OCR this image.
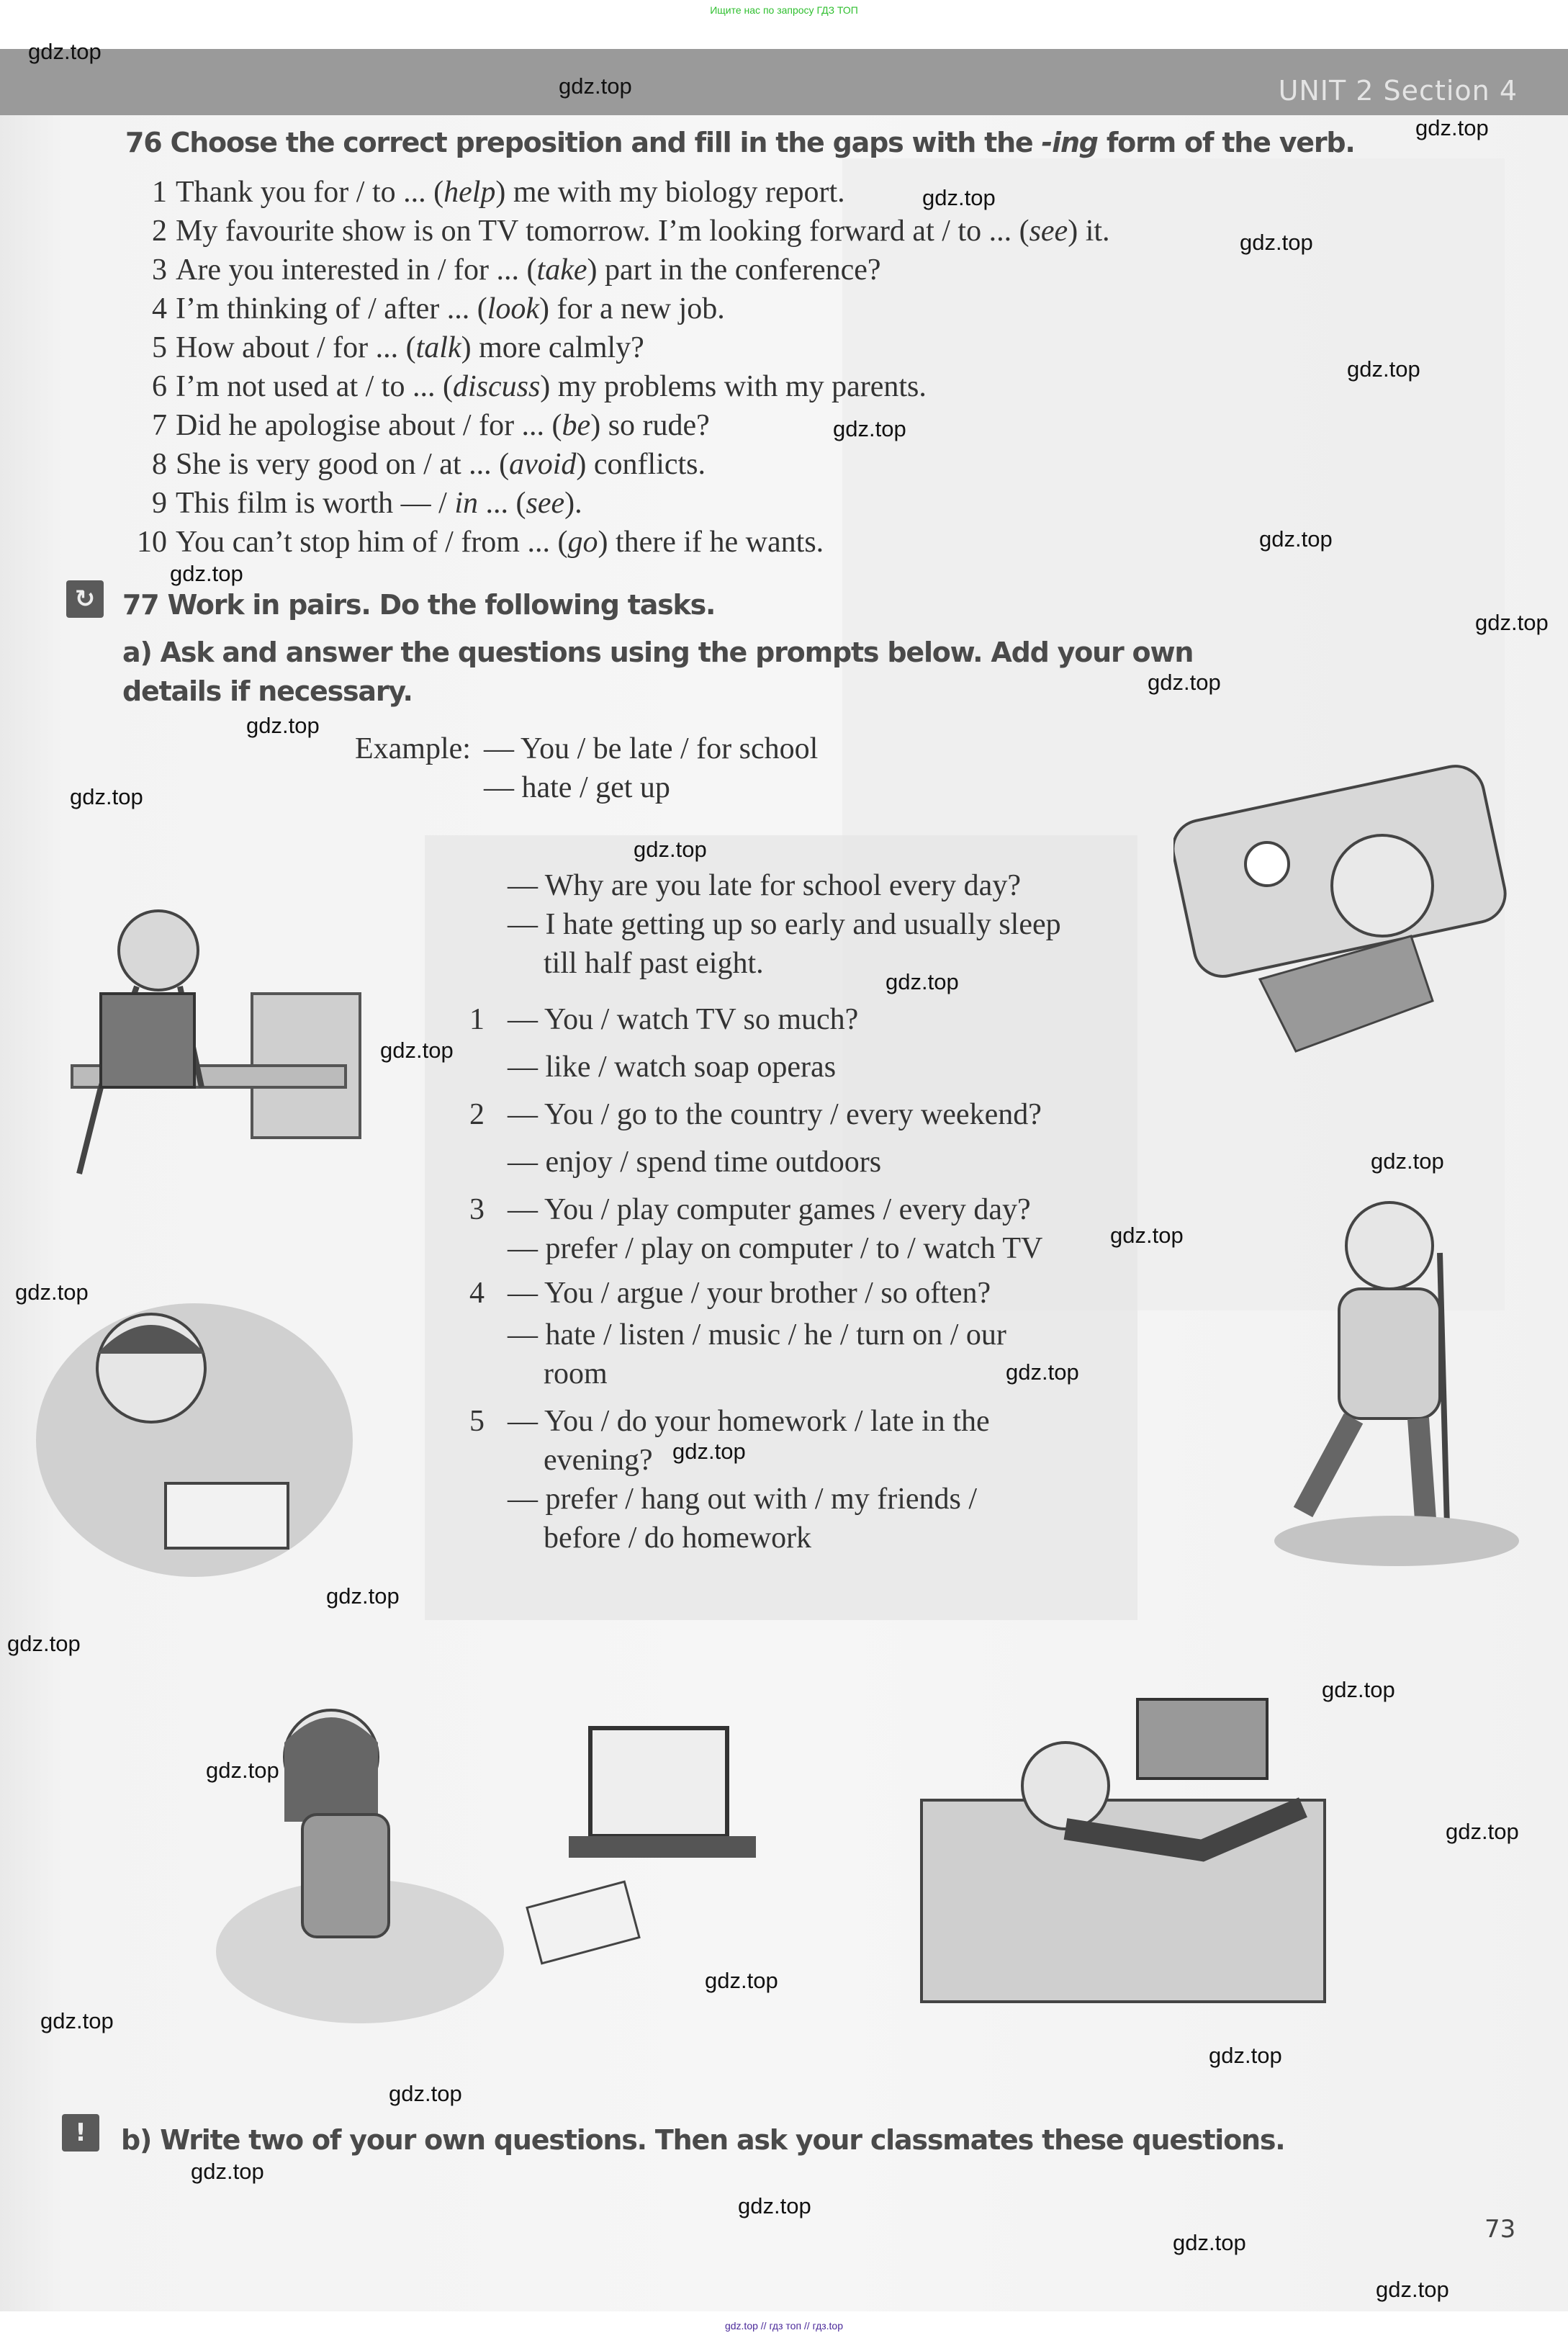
Ищите нас по запросу ГДЗ ТОП
UNIT 2 Section 4
76 Choose the correct preposition and fill in the gaps with the -ing form of the verb.
1 Thank you for / to ... (help) me with my biology report.
2 My favourite show is on TV tomorrow. I’m looking forward at / to ... (see) it.
3 Are you interested in / for ... (take) part in the conference?
4 I’m thinking of / after ... (look) for a new job.
5 How about / for ... (talk) more calmly?
6 I’m not used at / to ... (discuss) my problems with my parents.
7 Did he apologise about / for ... (be) so rude?
8 She is very good on / at ... (avoid) conflicts.
9 This film is worth — / in ... (see).
10 You can’t stop him of / from ... (go) there if he wants.
↻ 77 Work in pairs. Do the following tasks.
a) Ask and answer the questions using the prompts below. Add your own
details if necessary.
Example: — You / be late / for school
— hate / get up
— Why are you late for school every day?
— I hate getting up so early and usually sleep
till half past eight.
1 — You / watch TV so much?
— like / watch soap operas
2 — You / go to the country / every weekend?
— enjoy / spend time outdoors
3 — You / play computer games / every day?
— prefer / play on computer / to / watch TV
4 — You / argue / your brother / so often?
— hate / listen / music / he / turn on / our
room
5 — You / do your homework / late in the
evening?
— prefer / hang out with / my friends /
before / do homework
!	b) Write two of your own questions. Then ask your classmates these questions.
73
gdz.top
gdz.top
gdz.top
gdz.top
gdz.top
gdz.top
gdz.top
gdz.top
gdz.top
gdz.top
gdz.top
gdz.top
gdz.top
gdz.top
gdz.top
gdz.top
gdz.top
gdz.top
gdz.top
gdz.top
gdz.top
gdz.top
gdz.top
gdz.top
gdz.top
gdz.top
gdz.top
gdz.top
gdz.top
gdz.top
gdz.top
gdz.top
gdz.top
gdz.top
gdz.top // гдз топ // гдз.top
